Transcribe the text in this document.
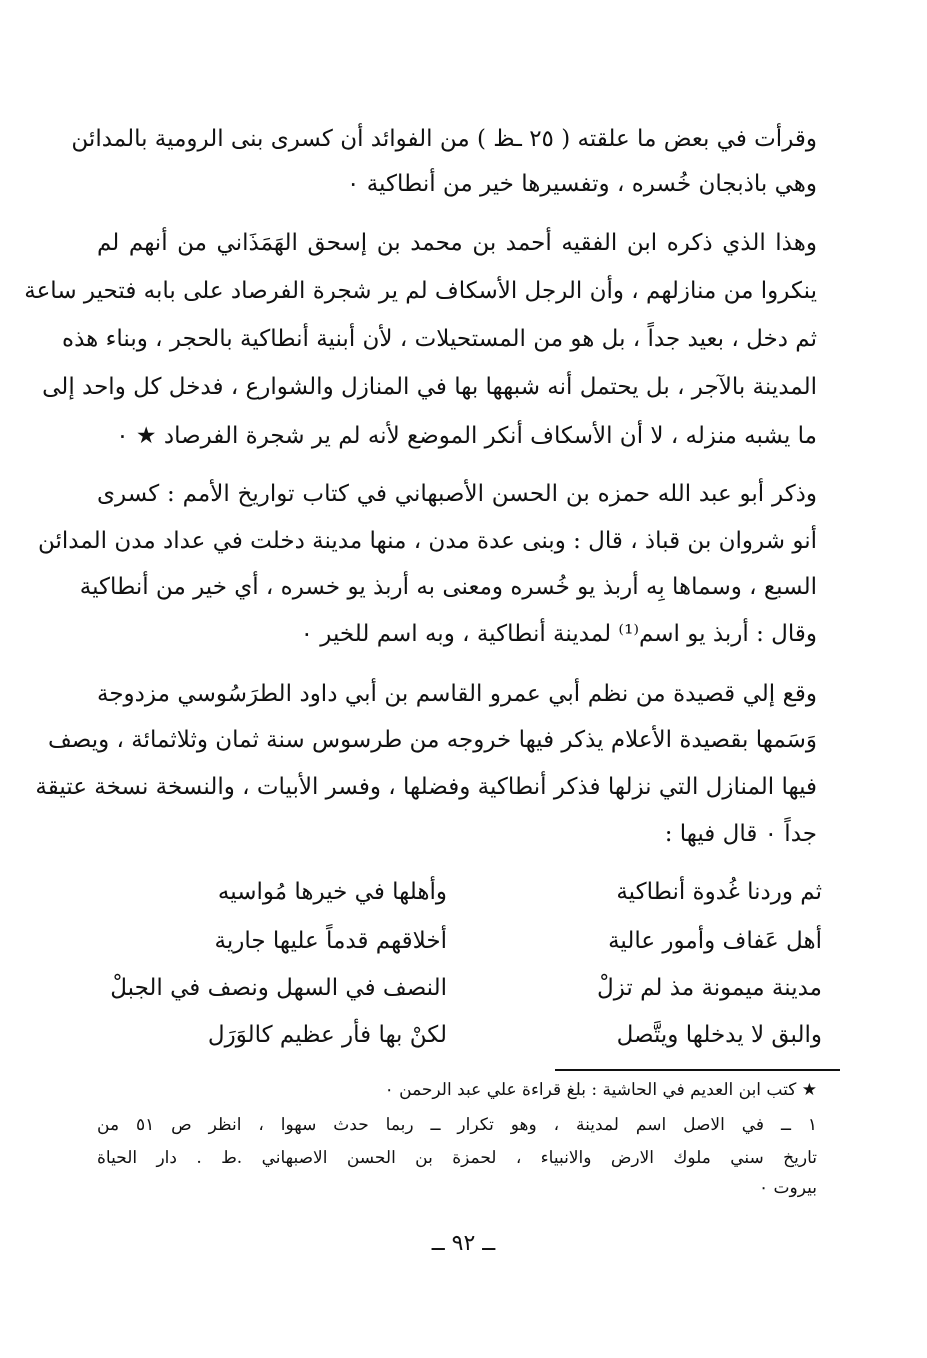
وقرأت في بعض ما علقته ( ٢٥ ـظ ) من الفوائد أن كسرى بنى الرومية بالمدائن
وهي باذبجان خُسره ، وتفسيرها خير من أنطاكية ٠
وهذا الذي ذكره ابن الفقيه أحمد بن محمد بن إسحق الهَمَذَاني من أنهم لم
ينكروا من منازلهم ، وأن الرجل الأسكاف لم ير شجرة الفرصاد على بابه فتحير ساعة
ثم دخل ، بعيد جداً ، بل هو من المستحيلات ، لأن أبنية أنطاكية بالحجر ، وبناء هذه
المدينة بالآجر ، بل يحتمل أنه شبهها بها في المنازل والشوارع ، فدخل كل واحد إلى
ما يشبه منزله ، لا أن الأسكاف أنكر الموضع لأنه لم ير شجرة الفرصاد ★ ٠
وذكر أبو عبد الله حمزه بن الحسن الأصبهاني في كتاب تواريخ الأمم : كسرى
أنو شروان بن قباذ ، قال : وبنى عدة مدن ، منها مدينة دخلت في عداد مدن المدائن
السبع ، وسماها بِه أربذ يو خُسره ومعنى به أربذ يو خسره ، أي خير من أنطاكية
وقال : أربذ يو اسم⁽¹⁾ لمدينة أنطاكية ، وبه اسم للخير ٠
وقع إلي قصيدة من نظم أبي عمرو القاسم بن أبي داود الطرَسُوسي مزدوجة
وَسَمها بقصيدة الأعلام يذكر فيها خروجه من طرسوس سنة ثمان وثلاثمائة ، ويصف
فيها المنازل التي نزلها فذكر أنطاكية وفضلها ، وفسر الأبيات ، والنسخة نسخة عتيقة
جداً ٠ قال فيها :
ثم وردنا غُدوة أنطاكية
وأهلها في خيرها مُواسيه
أهل عَفاف وأمور عالية
أخلاقهم قدماً عليها جارية
مدينة ميمونة مذ لم تزلْ
النصف في السهل ونصف في الجبلْ
والبق لا يدخلها ويتَّصل
لكنْ بها فأر عظيم كالوَرَل
★ كتب ابن العديم في الحاشية : بلغ قراءة علي عبد الرحمن ٠
١ ــ في الاصل اسم لمدينة ، وهو تكرار ــ ربما حدث سهوا ، انظر ص ٥١ من
تاريخ سني ملوك الارض والانبياء ، لحمزة بن الحسن الاصبهاني .ط . دار الحياة
بيروت ٠
ــ ٩٢ ــ
